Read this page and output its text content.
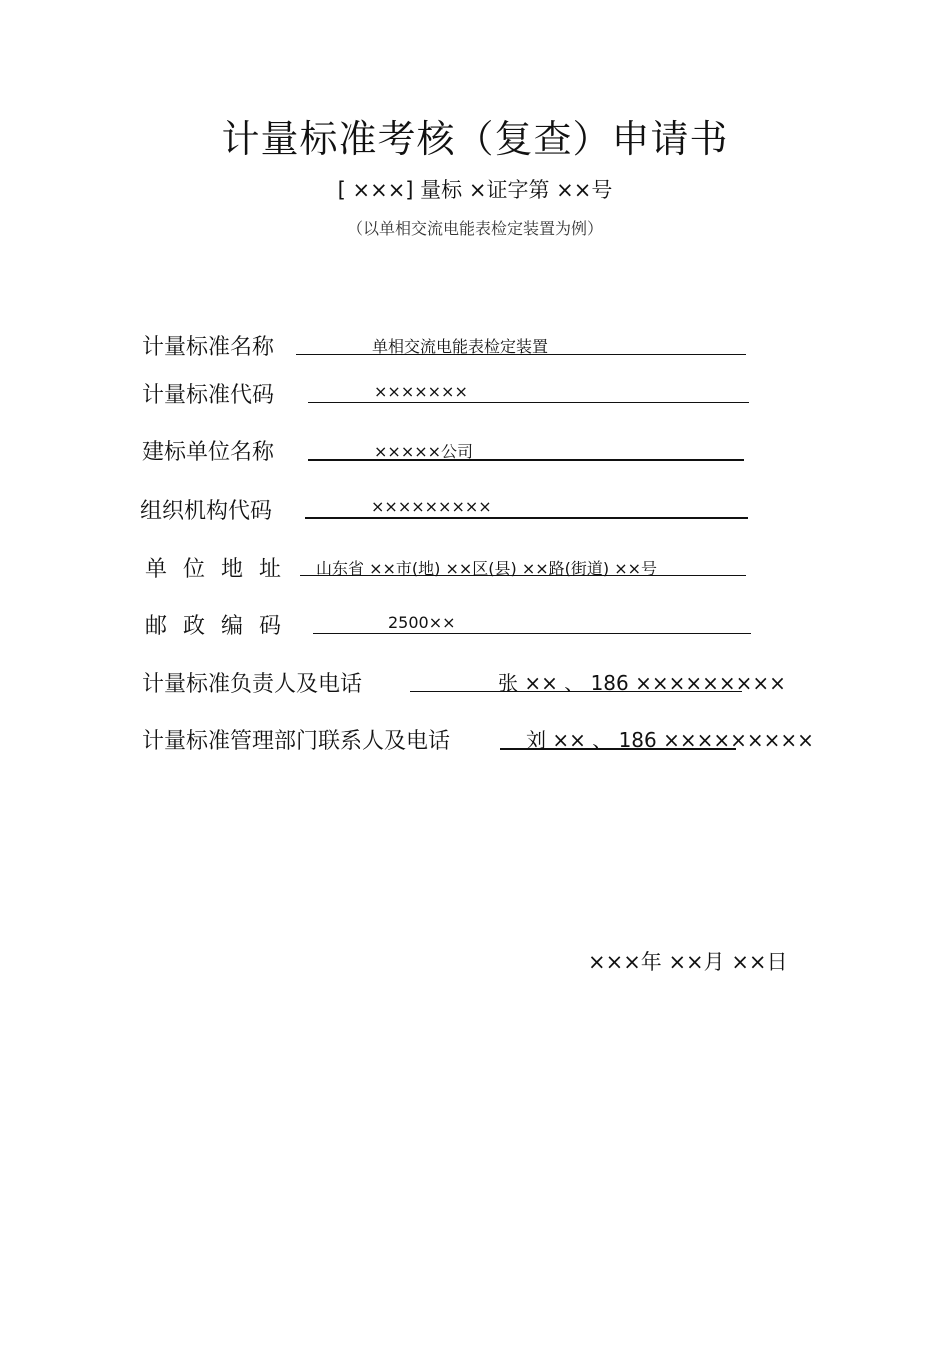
计量标准考核（复查）申请书
[ ×××] 量标 ×证字第 ××号
（以单相交流电能表检定装置为例）
计量标准名称	单相交流电能表检定装置
计量标准代码	×××××××
建标单位名称	×××××公司
组织机构代码	×××××××××
单位地址 山东省 ××市(地) ××区(县) ××路(街道) ××号
邮政编码	2500××
计量标准负责人及电话	张 ×× 、 186 ×××××××××
计量标准管理部门联系人及电话	刘 ×× 、 186 ×××××××××
×××年 ××月 ××日
